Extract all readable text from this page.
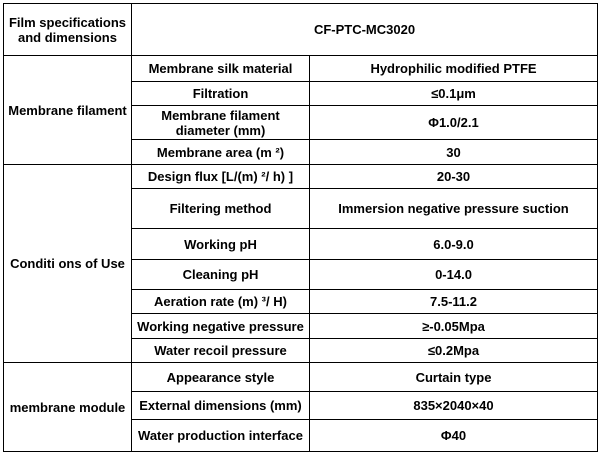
Film specifications and dimensions	CF-PTC-MC3020	
Membrane filament	Membrane silk material	Hydrophilic modified PTFE
	Filtration	≤0.1μm
	Membrane filament diameter (mm)	Φ1.0/2.1
	Membrane area (m ²)	30
Conditi ons of Use	Design flux [L/(m) ²/ h) ]	20-30
	Filtering method	Immersion negative pressure suction
	Working pH	6.0-9.0
	Cleaning pH	0-14.0
	Aeration rate (m) ³/ H)	7.5-11.2
	Working negative pressure	≥-0.05Mpa
	Water recoil pressure	≤0.2Mpa
membrane module	Appearance style	Curtain type
	External dimensions (mm)	835×2040×40
	Water production interface	Φ40
